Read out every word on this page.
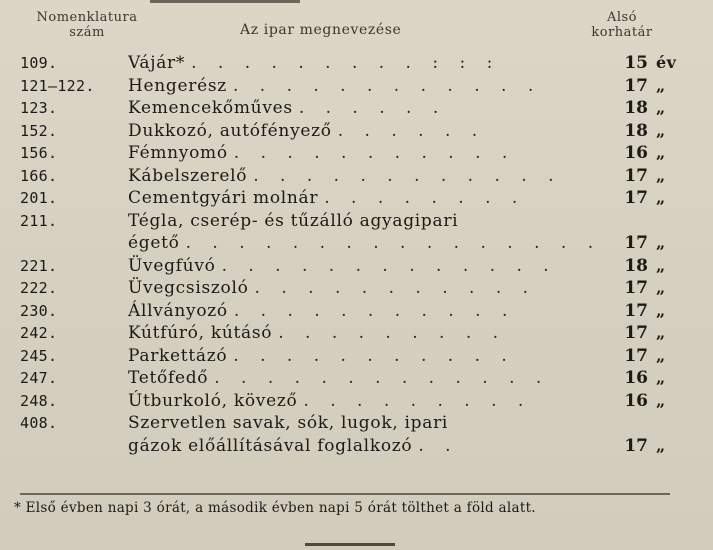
Nomenklatura
szám	Az ipar megnevezése
Alsó
korhatár
109.	Vájár* . . . . . . . . . : : :	15 év
121—122. Hengerész . . . . . . . . . . . .	17 „
123.	Kemencekőműves . . . . . .	18 „
152.	Dukkozó, autófényező . . . . . .	18 „
156.	Fémnyomó . . . . . . . . . . .	16 „
166.	Kábelszerelő . . . . . . . . . . . .	17 „
201.	Cementgyári molnár . . . . . . . .	17 „
211.	Tégla, cserép- és tűzálló agyagipari
égető . . . . . . . . . . . . . . . .	17 „
221.	Üvegfúvó . . . . . . . . . . . . .	18 „
222.	Üvegcsiszoló . . . . . . . . . . .	17 „
230.	Állványozó . . . . . . . . . . .	17 „
242.	Kútfúró, kútásó . . . . . . . . .	17 „
245.	Parkettázó . . . . . . . . . . .	17 „
247.	Tetőfedő . . . . . . . . . . . . .	16 „
248.	Útburkoló, kövező . . . . . . . . .	16 „
408.	Szervetlen savak, sók, lugok, ipari
gázok előállításával foglalkozó . .	17 „
* Első évben napi 3 órát, a második évben napi 5 órát tölthet a föld alatt.
